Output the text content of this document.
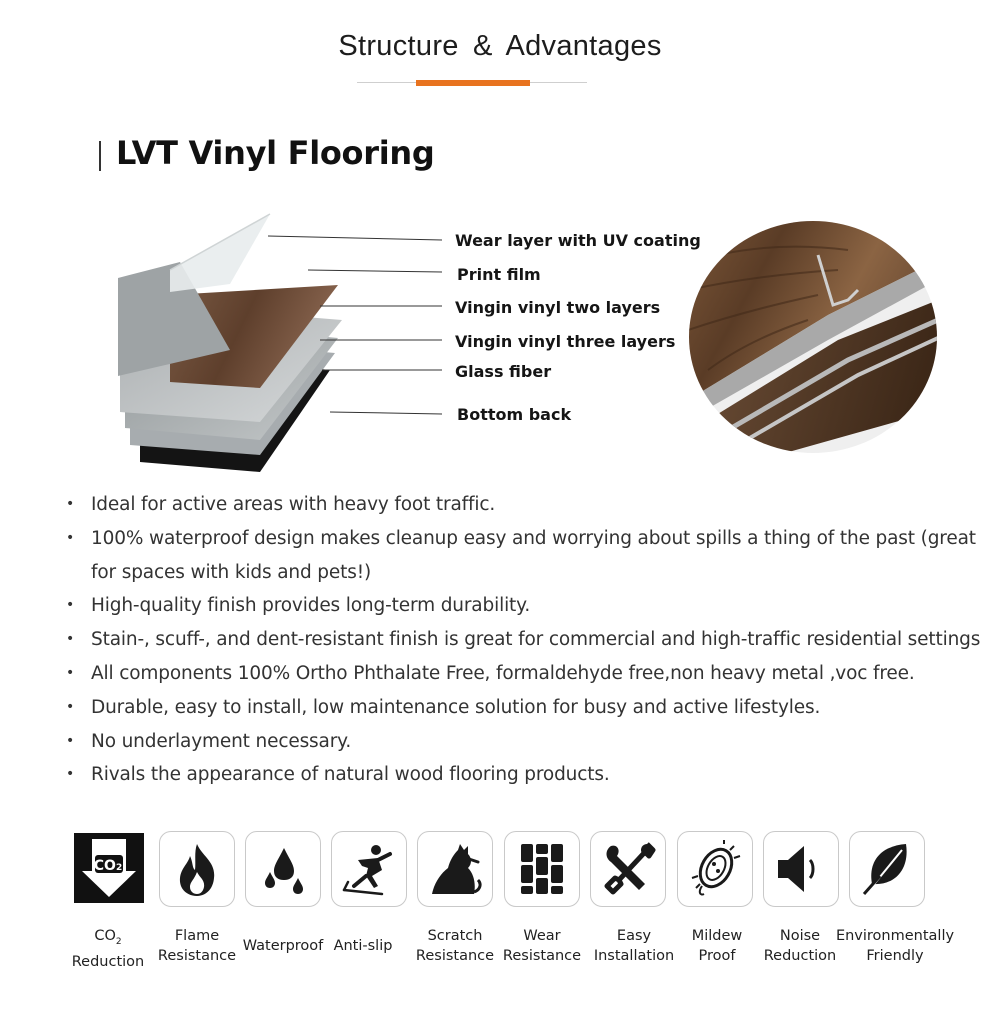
Structure & Advantages
LVT Vinyl Flooring
Wear layer with UV coating
Print film
Vingin vinyl two layers
Vingin vinyl three layers
Glass fiber
Bottom back
• Ideal for active areas with heavy foot traffic.
• 100% waterproof design makes cleanup easy and worrying about spills a thing of the past (great for spaces with kids and pets!)
• High-quality finish provides long-term durability.
• Stain-, scuff-, and dent-resistant finish is great for commercial and high-traffic residential settings
• All components 100% Ortho Phthalate Free, formaldehyde free,non heavy metal ,voc free.
• Durable, easy to install, low maintenance solution for busy and active lifestyles.
• No underlayment necessary.
• Rivals the appearance of natural wood flooring products.
CO2
$CO_2$
Reduction
Flame
Resistance
Waterproof Anti-slip
Scratch
Resistance
Wear
Resistance
Easy
Installation
Mildew
Proof
Noise
Reduction
Environmentally
Friendly
